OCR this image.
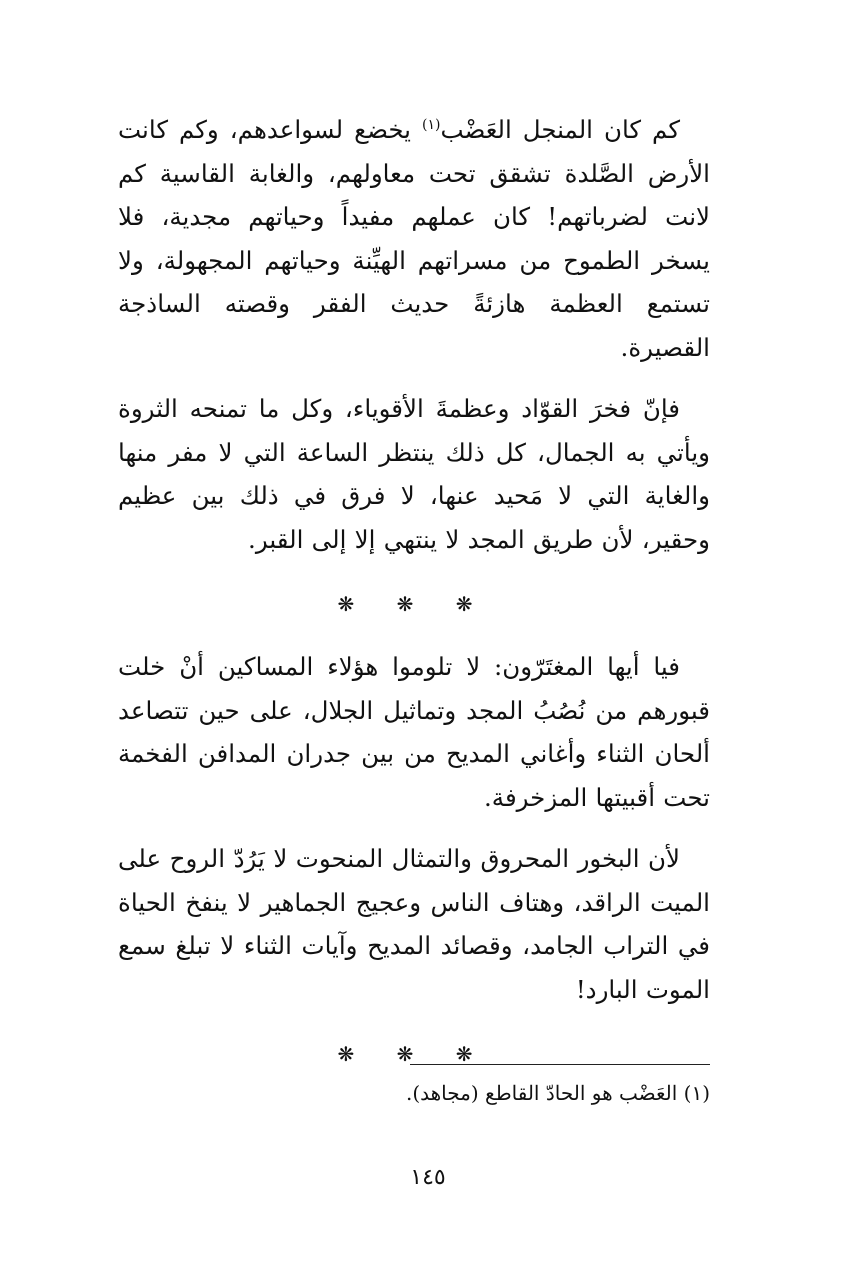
كم كان المنجل العَضْب$^{(١)}$ يخضع لسواعدهم، وكم كانت الأرض الصَّلدة تشقق تحت معاولهم، والغابة القاسية كم لانت لضرباتهم! كان عملهم مفيداً وحياتهم مجدية، فلا يسخر الطموح من مسراتهم الهيِّنة وحياتهم المجهولة، ولا تستمع العظمة هازئةً حديث الفقر وقصته الساذجة القصيرة.

فإنّ فخرَ القوّاد وعظمةَ الأقوياء، وكل ما تمنحه الثروة ويأتي به الجمال، كل ذلك ينتظر الساعة التي لا مفر منها والغاية التي لا مَحيد عنها، لا فرق في ذلك بين عظيم وحقير، لأن طريق المجد لا ينتهي إلا إلى القبر.

❋ ❋ ❋

فيا أيها المغتَرّون: لا تلوموا هؤلاء المساكين أنْ خلت قبورهم من نُصُبُ المجد وتماثيل الجلال، على حين تتصاعد ألحان الثناء وأغاني المديح من بين جدران المدافن الفخمة تحت أقبيتها المزخرفة.

لأن البخور المحروق والتمثال المنحوت لا يَرُدّ الروح على الميت الراقد، وهتاف الناس وعجيج الجماهير لا ينفخ الحياة في التراب الجامد، وقصائد المديح وآيات الثناء لا تبلغ سمع الموت البارد!

❋ ❋ ❋
(١) العَضْب هو الحادّ القاطع (مجاهد).
١٤٥
